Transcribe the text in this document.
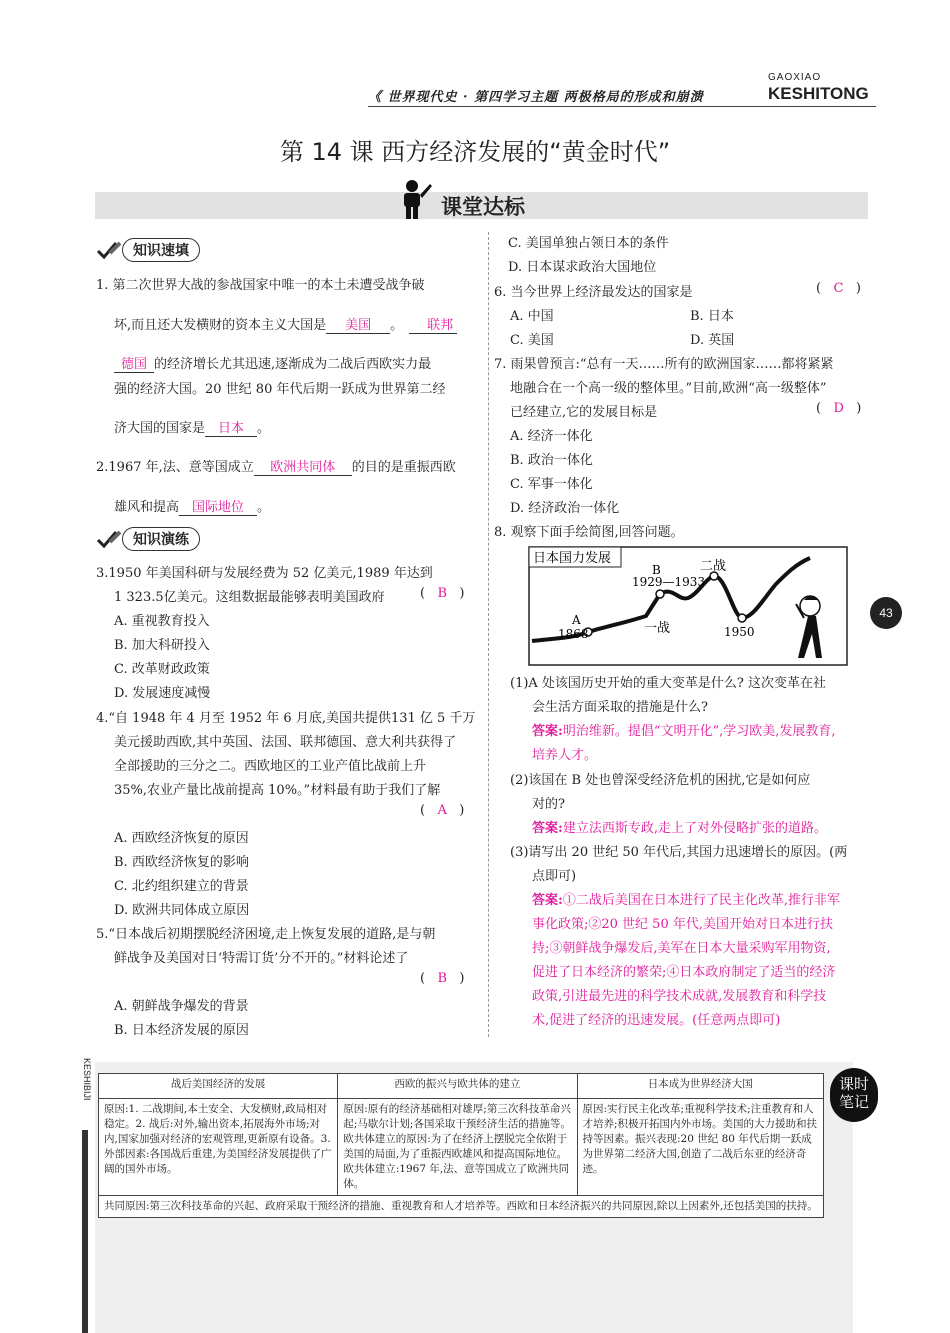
《 世界现代史 · 第四学习主题 两极格局的形成和崩溃
GAOXIAO
KESHITONG
第 14 课 西方经济发展的“黄金时代”
课堂达标
知识速填
1. 第二次世界大战的参战国家中唯一的本土未遭受战争破
坏,而且还大发横财的资本主义大国是 美国 。 联邦
德国 的经济增长尤其迅速,逐渐成为二战后西欧实力最
强的经济大国。20 世纪 80 年代后期一跃成为世界第二经
济大国的国家是 日本 。
2.1967 年,法、意等国成立 欧洲共同体 的目的是重振西欧
雄风和提高 国际地位 。
知识演练
3.1950 年美国科研与发展经费为 52 亿美元,1989 年达到
1 323.5亿美元。这组数据最能够表明美国政府	(   B   )
A. 重视教育投入
B. 加大科研投入
C. 改革财政政策
D. 发展速度减慢
4.“自 1948 年 4 月至 1952 年 6 月底,美国共提供131 亿 5 千万
美元援助西欧,其中英国、法国、联邦德国、意大利共获得了
全部援助的三分之二。西欧地区的工业产值比战前上升
35%,农业产量比战前提高 10%。”材料最有助于我们了解
(   A   )
A. 西欧经济恢复的原因
B. 西欧经济恢复的影响
C. 北约组织建立的背景
D. 欧洲共同体成立原因
5.“日本战后初期摆脱经济困境,走上恢复发展的道路,是与朝
鲜战争及美国对日‘特需订货’分不开的。”材料论述了
(   B   )
A. 朝鲜战争爆发的背景
B. 日本经济发展的原因
C. 美国单独占领日本的条件
D. 日本谋求政治大国地位
6. 当今世界上经济最发达的国家是	(   C   )
A. 中国	B. 日本
C. 美国	D. 英国
7. 雨果曾预言:“总有一天……所有的欧洲国家……都将紧紧
地融合在一个高一级的整体里。”目前,欧洲“高一级整体”
已经建立,它的发展目标是	(   D   )
A. 经济一体化
B. 政治一体化
C. 军事一体化
D. 经济政治一体化
8. 观察下面手绘简图,回答问题。
日本国力发展
A
1868
B
1929—1933
二战
一战	1950
(1)A 处该国历史开始的重大变革是什么? 这次变革在社
会生活方面采取的措施是什么?
答案:明治维新。提倡“文明开化”,学习欧美,发展教育,
培养人才。
(2)该国在 B 处也曾深受经济危机的困扰,它是如何应
对的?
答案:建立法西斯专政,走上了对外侵略扩张的道路。
(3)请写出 20 世纪 50 年代后,其国力迅速增长的原因。(两
点即可)
答案:①二战后美国在日本进行了民主化改革,推行非军
事化政策;②20 世纪 50 年代,美国开始对日本进行扶
持;③朝鲜战争爆发后,美军在日本大量采购军用物资,
促进了日本经济的繁荣;④日本政府制定了适当的经济
政策,引进最先进的科学技术成就,发展教育和科学技
术,促进了经济的迅速发展。(任意两点即可)
43
KESHIBIJI	战后美国经济的发展	西欧的振兴与欧共体的建立	日本成为世界经济大国
原因:1. 二战期间,本土安全、大发横财,政局相对稳定。2. 战后:对外,输出资本,拓展海外市场;对内,国家加强对经济的宏观管理,更新原有设备。3. 外部因素:各国战后重建,为美国经济发展提供了广阔的国外市场。	原因:原有的经济基础相对雄厚;第三次科技革命兴起;马歇尔计划;各国采取干预经济生活的措施等。欧共体建立的原因:为了在经济上摆脱完全依附于美国的局面,为了重振西欧雄风和提高国际地位。欧共体建立:1967 年,法、意等国成立了欧洲共同体。	原因:实行民主化改革;重视科学技术;注重教育和人才培养;积极开拓国内外市场。美国的大力援助和扶持等因素。振兴表现:20 世纪 80 年代后期一跃成为世界第二经济大国,创造了二战后东亚的经济奇迹。
共同原因:第三次科技革命的兴起、政府采取干预经济的措施、重视教育和人才培养等。西欧和日本经济振兴的共同原因,除以上因素外,还包括美国的扶持。		
课时
笔记
